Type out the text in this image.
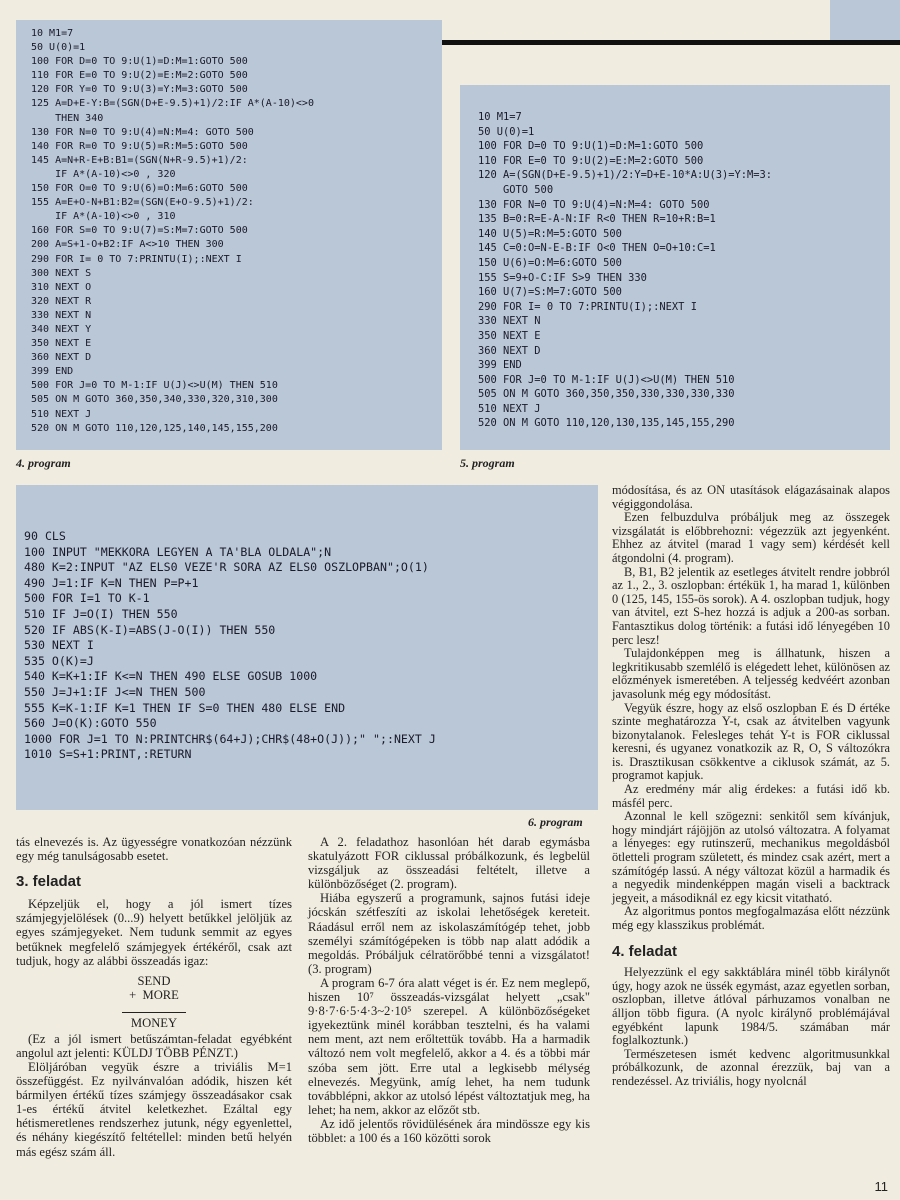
10 M1=7
50 U(0)=1
100 FOR D=0 TO 9:U(1)=D:M=1:GOTO 500
110 FOR E=0 TO 9:U(2)=E:M=2:GOTO 500
120 FOR Y=0 TO 9:U(3)=Y:M=3:GOTO 500
125 A=D+E-Y:B=(SGN(D+E-9.5)+1)/2:IF A*(A-10)<>0
THEN 340
130 FOR N=0 TO 9:U(4)=N:M=4: GOTO 500
140 FOR R=0 TO 9:U(5)=R:M=5:GOTO 500
145 A=N+R-E+B:B1=(SGN(N+R-9.5)+1)/2:
IF A*(A-10)<>0 , 320
150 FOR O=0 TO 9:U(6)=O:M=6:GOTO 500
155 A=E+O-N+B1:B2=(SGN(E+O-9.5)+1)/2:
IF A*(A-10)<>0 , 310
160 FOR S=0 TO 9:U(7)=S:M=7:GOTO 500
200 A=S+1-O+B2:IF A<>10 THEN 300
290 FOR I= 0 TO 7:PRINTU(I);:NEXT I
300 NEXT S
310 NEXT O
320 NEXT R
330 NEXT N
340 NEXT Y
350 NEXT E
360 NEXT D
399 END
500 FOR J=0 TO M-1:IF U(J)<>U(M) THEN 510
505 ON M GOTO 360,350,340,330,320,310,300
510 NEXT J
520 ON M GOTO 110,120,125,140,145,155,200
4. program
10 M1=7
50 U(0)=1
100 FOR D=0 TO 9:U(1)=D:M=1:GOTO 500
110 FOR E=0 TO 9:U(2)=E:M=2:GOTO 500
120 A=(SGN(D+E-9.5)+1)/2:Y=D+E-10*A:U(3)=Y:M=3:
GOTO 500
130 FOR N=0 TO 9:U(4)=N:M=4: GOTO 500
135 B=0:R=E-A-N:IF R<0 THEN R=10+R:B=1
140 U(5)=R:M=5:GOTO 500
145 C=0:O=N-E-B:IF O<0 THEN O=O+10:C=1
150 U(6)=O:M=6:GOTO 500
155 S=9+O-C:IF S>9 THEN 330
160 U(7)=S:M=7:GOTO 500
290 FOR I= 0 TO 7:PRINTU(I);:NEXT I
330 NEXT N
350 NEXT E
360 NEXT D
399 END
500 FOR J=0 TO M-1:IF U(J)<>U(M) THEN 510
505 ON M GOTO 360,350,350,330,330,330,330
510 NEXT J
520 ON M GOTO 110,120,130,135,145,155,290
5. program
90 CLS
100 INPUT "MEKKORA LEGYEN A TA'BLA OLDALA";N
480 K=2:INPUT "AZ ELS0 VEZE'R SORA AZ ELS0 OSZLOPBAN";O(1)
490 J=1:IF K=N THEN P=P+1
500 FOR I=1 TO K-1
510 IF J=O(I) THEN 550
520 IF ABS(K-I)=ABS(J-O(I)) THEN 550
530 NEXT I
535 O(K)=J
540 K=K+1:IF K<=N THEN 490 ELSE GOSUB 1000
550 J=J+1:IF J<=N THEN 500
555 K=K-1:IF K=1 THEN IF S=0 THEN 480 ELSE END
560 J=O(K):GOTO 550
1000 FOR J=1 TO N:PRINTCHR$(64+J);CHR$(48+O(J));" ";:NEXT J
1010 S=S+1:PRINT,:RETURN
6. program

tás elnevezés is. Az ügyességre vonatkozóan nézzünk egy még tanulságosabb esetet.

3. feladat

Képzeljük el, hogy a jól ismert tízes számjegyjelölések (0...9) helyett betűkkel jelöljük az egyes számjegyeket. Nem tudunk semmit az egyes betűknek megfelelő számjegyek értékéről, csak azt tudjuk, hogy az alábbi összeadás igaz:

SEND
+  MORE
MONEY

(Ez a jól ismert betűszámtan-feladat egyébként angolul azt jelenti: KÜLDJ TÖBB PÉNZT.)

Elöljáróban vegyük észre a triviális M=1 összefüggést. Ez nyilvánvalóan adódik, hiszen két bármilyen értékű tízes számjegy összeadásakor csak 1-es értékű átvitel keletkezhet. Ezáltal egy hétismeretlenes rendszerhez jutunk, négy egyenlettel, és néhány kiegészítő feltétellel: minden betű helyén más egész szám áll.

A 2. feladathoz hasonlóan hét darab egymásba skatulyázott FOR ciklussal próbálkozunk, és legbelül vizsgáljuk az összeadási feltételt, illetve a különbözőséget (2. program).

Hiába egyszerű a programunk, sajnos futási ideje jócskán szétfeszíti az iskolai lehetőségek kereteit. Ráadásul erről nem az iskolaszámítógép tehet, jobb személyi számítógépeken is több nap alatt adódik a megoldás. Próbáljuk célratörőbbé tenni a vizsgálatot! (3. program)

A program 6-7 óra alatt véget is ér. Ez nem meglepő, hiszen 10⁷ összeadás-vizsgálat helyett „csak" 9·8·7·6·5·4·3~2·10⁵ szerepel. A különbözőségeket igyekeztünk minél korábban tesztelni, és ha valami nem ment, azt nem erőltettük tovább. Ha a harmadik változó nem volt megfelelő, akkor a 4. és a többi már szóba sem jött. Erre utal a legkisebb mélység elnevezés. Megyünk, amíg lehet, ha nem tudunk továbblépni, akkor az utolsó lépést változtatjuk meg, ha lehet; ha nem, akkor az előzőt stb.

Az idő jelentős rövidülésének ára mindössze egy kis többlet: a 100 és a 160 közötti sorok

módosítása, és az ON utasítások elágazásainak alapos végiggondolása.

Ezen felbuzdulva próbáljuk meg az összegek vizsgálatát is előbbrehozni: végezzük azt jegyenként. Ehhez az átvitel (marad 1 vagy sem) kérdését kell átgondolni (4. program).

B, B1, B2 jelentik az esetleges átvitelt rendre jobbról az 1., 2., 3. oszlopban: értékük 1, ha marad 1, különben 0 (125, 145, 155-ös sorok). A 4. oszlopban tudjuk, hogy van átvitel, ezt S-hez hozzá is adjuk a 200-as sorban. Fantasztikus dolog történik: a futási idő lényegében 10 perc lesz!

Tulajdonképpen meg is állhatunk, hiszen a legkritikusabb szemlélő is elégedett lehet, különösen az előzmények ismeretében. A teljesség kedvéért azonban javasolunk még egy módosítást.

Vegyük észre, hogy az első oszlopban E és D értéke szinte meghatározza Y-t, csak az átvitelben vagyunk bizonytalanok. Felesleges tehát Y-t is FOR ciklussal keresni, és ugyanez vonatkozik az R, O, S változókra is. Drasztikusan csökkentve a ciklusok számát, az 5. programot kapjuk.

Az eredmény már alig érdekes: a futási idő kb. másfél perc.

Azonnal le kell szögezni: senkitől sem kívánjuk, hogy mindjárt rájöjjön az utolsó változatra. A folyamat a lényeges: egy rutinszerű, mechanikus megoldásból ötletteli program született, és mindez csak azért, mert a számítógép lassú. A négy változat közül a harmadik és a negyedik mindenképpen magán viseli a backtrack jegyeit, a másodiknál ez egy kicsit vitatható.

Az algoritmus pontos megfogalmazása előtt nézzünk még egy klasszikus problémát.

4. feladat

Helyezzünk el egy sakktáblára minél több királynőt úgy, hogy azok ne üssék egymást, azaz egyetlen sorban, oszlopban, illetve átlóval párhuzamos vonalban ne álljon több figura. (A nyolc királynő problémájával egyébként lapunk 1984/5. számában már foglalkoztunk.)

Természetesen ismét kedvenc algoritmusunkkal próbálkozunk, de azonnal érezzük, baj van a rendezéssel. Az triviális, hogy nyolcnál

11
